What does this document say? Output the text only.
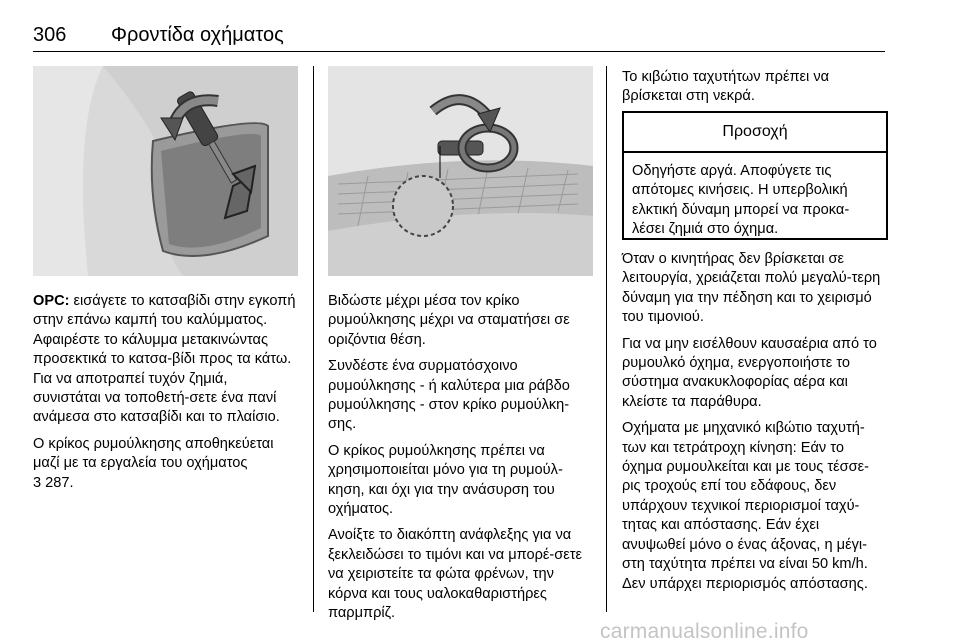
306 Φροντίδα οχήματος

OPC: εισάγετε το κατσαβίδι στην εγκοπή στην επάνω καμπή του καλύμματος. Αφαιρέστε το κάλυμμα μετακινώντας προσεκτικά το κατσα-βίδι προς τα κάτω. Για να αποτραπεί τυχόν ζημιά, συνιστάται να τοποθετή-σετε ένα πανί ανάμεσα στο κατσαβίδι και το πλαίσιο.

Ο κρίκος ρυμούλκησης αποθηκεύεται μαζί με τα εργαλεία του οχήματος
3 287.

Βιδώστε μέχρι μέσα τον κρίκο ρυμούλκησης μέχρι να σταματήσει σε οριζόντια θέση.

Συνδέστε ένα συρματόσχοινο ρυμούλκησης - ή καλύτερα μια ράβδο ρυμούλκησης - στον κρίκο ρυμούλκη-σης.

Ο κρίκος ρυμούλκησης πρέπει να χρησιμοποιείται μόνο για τη ρυμούλ-κηση, και όχι για την ανάσυρση του οχήματος.

Ανοίξτε το διακόπτη ανάφλεξης για να ξεκλειδώσει το τιμόνι και να μπορέ-σετε να χειριστείτε τα φώτα φρένων, την κόρνα και τους υαλοκαθαριστήρες παρμπρίζ.

Το κιβώτιο ταχυτήτων πρέπει να βρίσκεται στη νεκρά.

Προσοχή
Οδηγήστε αργά. Αποφύγετε τις απότομες κινήσεις. Η υπερβολική ελκτική δύναμη μπορεί να προκα-λέσει ζημιά στο όχημα.

Όταν ο κινητήρας δεν βρίσκεται σε λειτουργία, χρειάζεται πολύ μεγαλύ-τερη δύναμη για την πέδηση και το χειρισμό του τιμονιού.

Για να μην εισέλθουν καυσαέρια από το ρυμουλκό όχημα, ενεργοποιήστε το σύστημα ανακυκλοφορίας αέρα και κλείστε τα παράθυρα.

Οχήματα με μηχανικό κιβώτιο ταχυτή-των και τετράτροχη κίνηση: Εάν το όχημα ρυμουλκείται και με τους τέσσε-ρις τροχούς επί του εδάφους, δεν υπάρχουν τεχνικοί περιορισμοί ταχύ-τητας και απόστασης. Εάν έχει ανυψωθεί μόνο ο ένας άξονας, η μέγι-στη ταχύτητα πρέπει να είναι 50 km/h. Δεν υπάρχει περιορισμός απόστασης.

carmanualsonline.info
